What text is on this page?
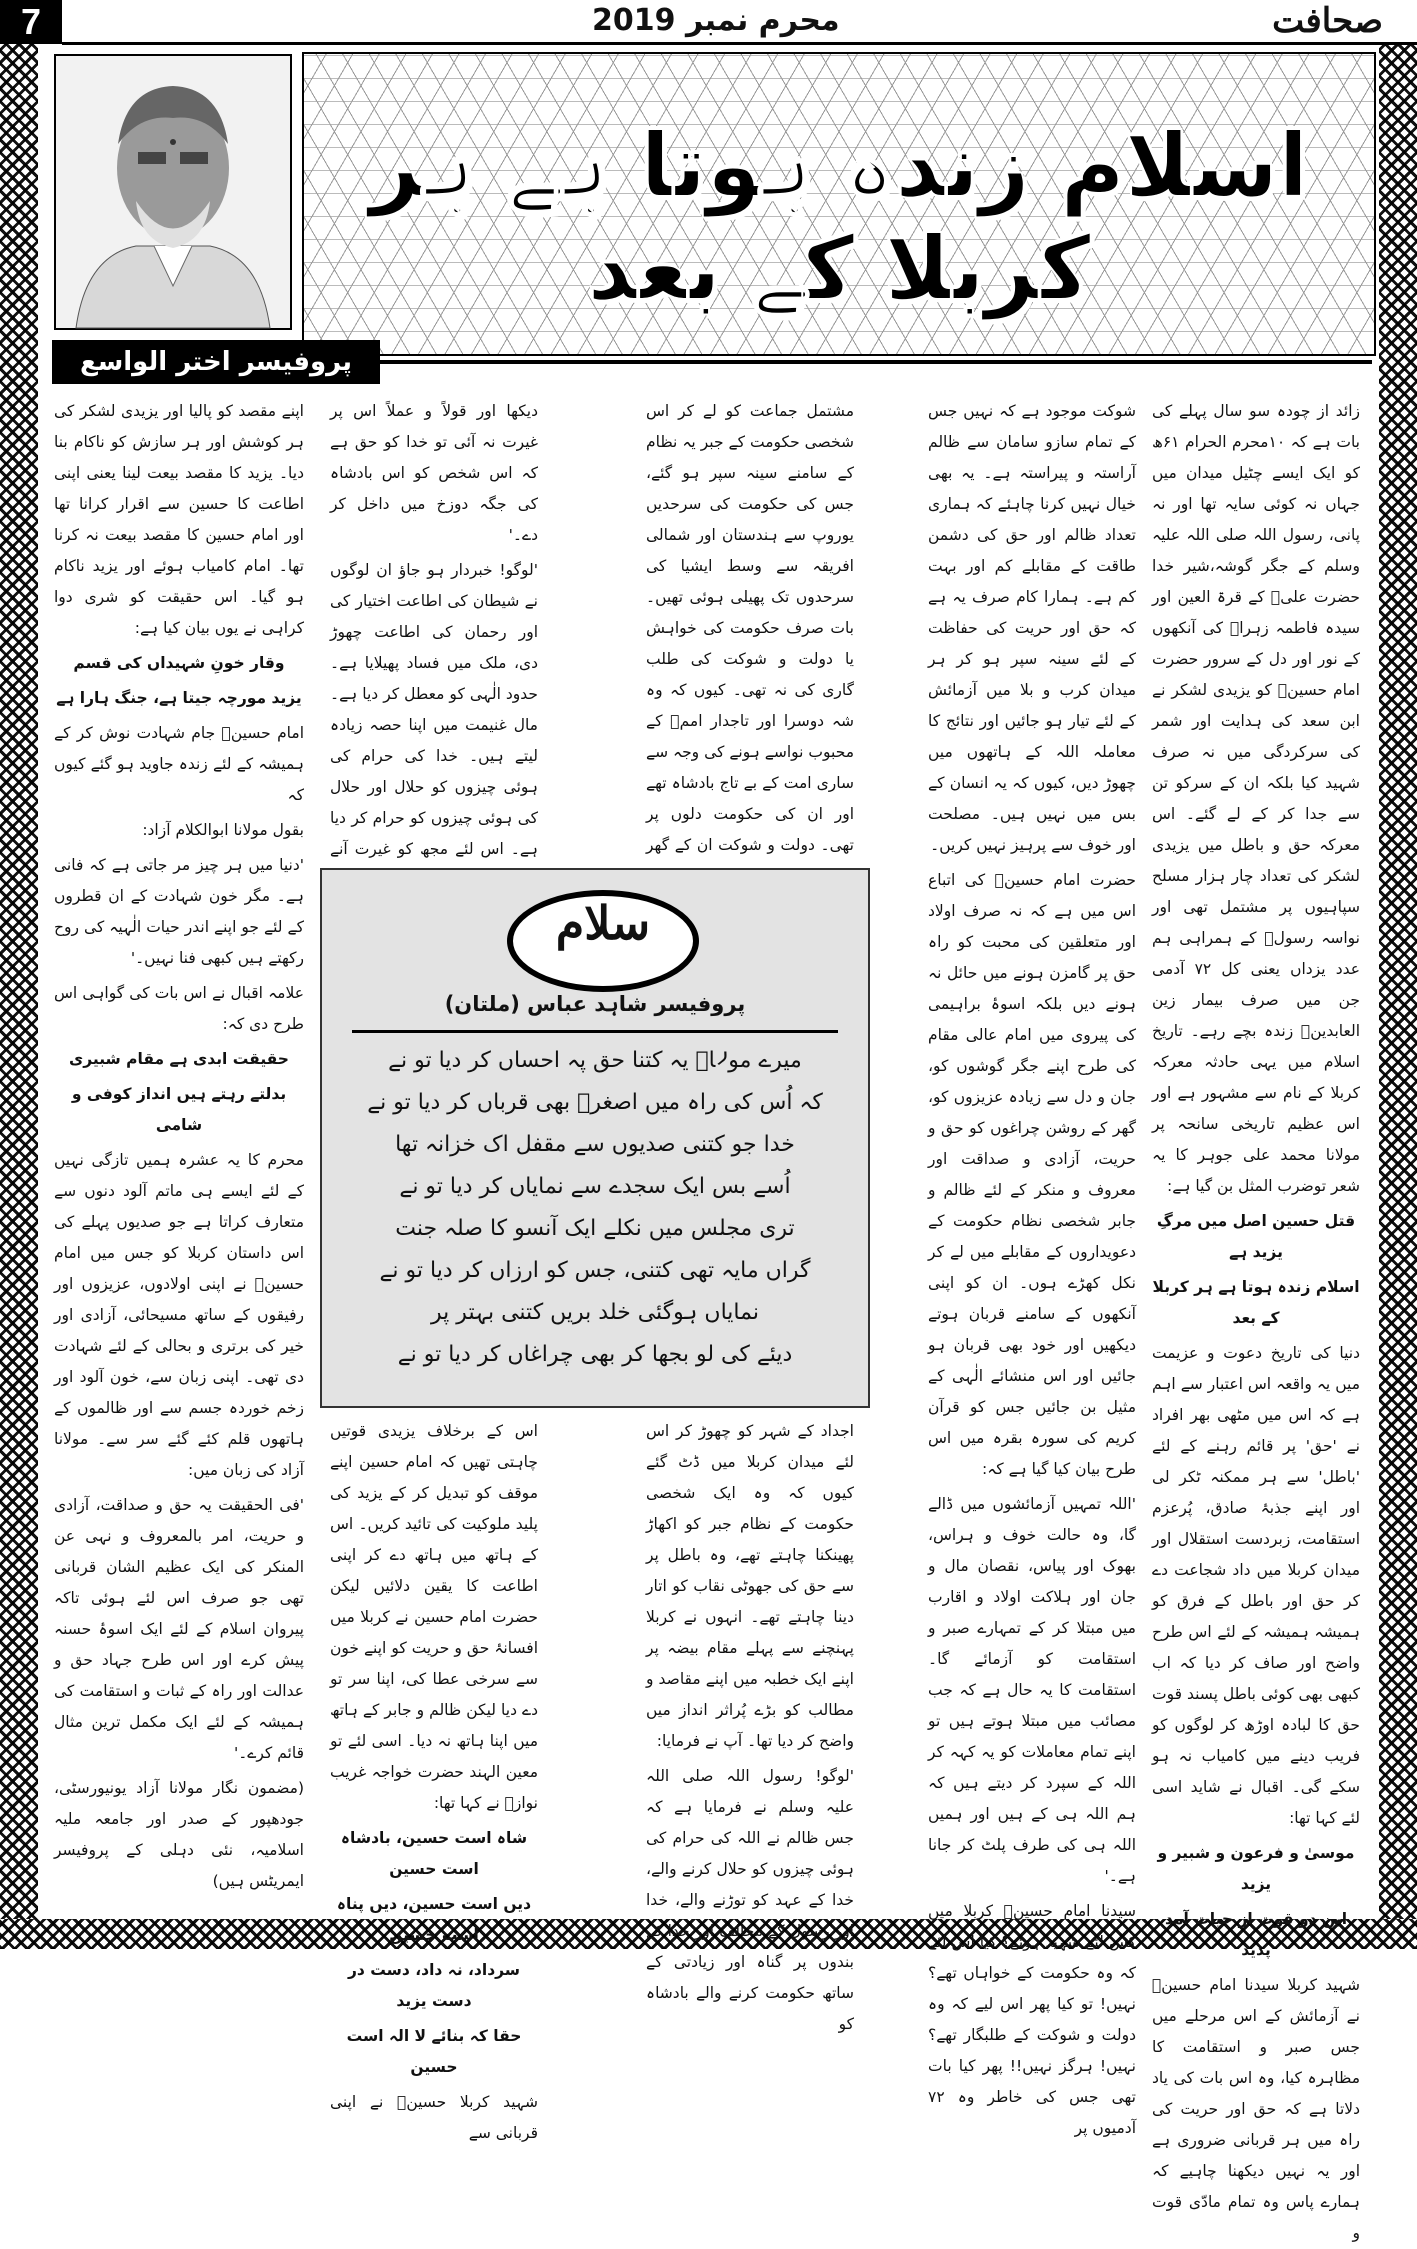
7	محرم نمبر 2019	صحافت
اسلام زندہ ہوتا ہے ہر کربلا کے بعد
پروفیسر اختر الواسع

زائد از چودہ سو سال پہلے کی بات ہے کہ ۱۰محرم الحرام ۶۱ھ کو ایک ایسے چٹیل میدان میں جہاں نہ کوئی سایہ تھا اور نہ پانی، رسول اللہ صلی اللہ علیہ وسلم کے جگر گوشہ،شیر خدا حضرت علیؓ کے قرۃ العین اور سیدہ فاطمہ زہراؓ کی آنکھوں کے نور اور دل کے سرور حضرت امام حسینؓ کو یزیدی لشکر نے ابن سعد کی ہدایت اور شمر کی سرکردگی میں نہ صرف شہید کیا بلکہ ان کے سرکو تن سے جدا کر کے لے گئے۔ اس معرکہ حق و باطل میں یزیدی لشکر کی تعداد چار ہزار مسلح سپاہیوں پر مشتمل تھی اور نواسہ رسولؐ کے ہمراہی ہم عدد یزداں یعنی کل ۷۲ آدمی جن میں صرف بیمار زین العابدینؓ زندہ بچے رہے۔ تاریخ اسلام میں یہی حادثہ معرکہ کربلا کے نام سے مشہور ہے اور اس عظیم تاریخی سانحہ پر مولانا محمد علی جوہر کا یہ شعر توضرب المثل بن گیا ہے:

قتل حسین اصل میں مرگِ یزید ہے

اسلام زندہ ہوتا ہے ہر کربلا کے بعد

دنیا کی تاریخ دعوت و عزیمت میں یہ واقعہ اس اعتبار سے اہم ہے کہ اس میں مٹھی بھر افراد نے 'حق' پر قائم رہنے کے لئے 'باطل' سے ہر ممکنہ ٹکر لی اور اپنے جذبۂ صادق، پُرعزم استقامت، زبردست استقلال اور میدان کربلا میں داد شجاعت دے کر حق اور باطل کے فرق کو ہمیشہ ہمیشہ کے لئے اس طرح واضح اور صاف کر دیا کہ اب کبھی بھی کوئی باطل پسند قوت حق کا لبادہ اوڑھ کر لوگوں کو فریب دینے میں کامیاب نہ ہو سکے گی۔ اقبال نے شاید اسی لئے کہا تھا:

موسیٰ و فرعون و شبیر و یزید

این دو قوت از حیات آمد پدید

شہید کربلا سیدنا امام حسینؓ نے آزمائش کے اس مرحلے میں جس صبر و استقامت کا مظاہرہ کیا، وہ اس بات کی یاد دلاتا ہے کہ حق اور حریت کی راہ میں ہر قربانی ضروری ہے اور یہ نہیں دیکھنا چاہیے کہ ہمارے پاس وہ تمام مادّی قوت و

شوکت موجود ہے کہ نہیں جس کے تمام سازو سامان سے ظالم آراستہ و پیراستہ ہے۔ یہ بھی خیال نہیں کرنا چاہئے کہ ہماری تعداد ظالم اور حق کی دشمن طاقت کے مقابلے کم اور بہت کم ہے۔ ہمارا کام صرف یہ ہے کہ حق اور حریت کی حفاظت کے لئے سینہ سپر ہو کر ہر میدان کرب و بلا میں آزمائش کے لئے تیار ہو جائیں اور نتائج کا معاملہ اللہ کے ہاتھوں میں چھوڑ دیں، کیوں کہ یہ انسان کے بس میں نہیں ہیں۔ مصلحت اور خوف سے پرہیز نہیں کریں۔

حضرت امام حسینؓ کی اتباع اس میں ہے کہ نہ صرف اولاد اور متعلقین کی محبت کو راہ حق پر گامزن ہونے میں حائل نہ ہونے دیں بلکہ اسوۂ براہیمی کی پیروی میں امام عالی مقام کی طرح اپنے جگر گوشوں کو، جان و دل سے زیادہ عزیزوں کو، گھر کے روشن چراغوں کو حق و حریت، آزادی و صداقت اور معروف و منکر کے لئے ظالم و جابر شخصی نظام حکومت کے دعویداروں کے مقابلے میں لے کر نکل کھڑے ہوں۔ ان کو اپنی آنکھوں کے سامنے قربان ہوتے دیکھیں اور خود بھی قربان ہو جائیں اور اس منشائے الٰہی کے مثیل بن جائیں جس کو قرآن کریم کی سورہ بقرہ میں اس طرح بیان کیا گیا ہے کہ:

'اللہ تمہیں آزمائشوں میں ڈالے گا، وہ حالت خوف و ہراس، بھوک اور پیاس، نقصان مال و جان اور ہلاکت اولاد و اقارب میں مبتلا کر کے تمہارے صبر و استقامت کو آزمائے گا۔ استقامت کا یہ حال ہے کہ جب مصائب میں مبتلا ہوتے ہیں تو اپنے تمام معاملات کو یہ کہہ کر اللہ کے سپرد کر دیتے ہیں کہ ہم اللہ ہی کے ہیں اور ہمیں اللہ ہی کی طرف پلٹ کر جانا ہے۔'

سیدنا امام حسینؓ کربلا میں کس لئے شہید ہوئے؟ کیا اس لئے کہ وہ حکومت کے خواہاں تھے؟ نہیں! تو کیا پھر اس لیے کہ وہ دولت و شوکت کے طلبگار تھے؟ نہیں! ہرگز نہیں!! پھر کیا بات تھی جس کی خاطر وہ ۷۲ آدمیوں پر

مشتمل جماعت کو لے کر اس شخصی حکومت کے جبر یہ نظام کے سامنے سینہ سپر ہو گئے، جس کی حکومت کی سرحدیں یوروپ سے ہندستان اور شمالی افریقہ سے وسط ایشیا کی سرحدوں تک پھیلی ہوئی تھیں۔ بات صرف حکومت کی خواہش یا دولت و شوکت کی طلب گاری کی نہ تھی۔ کیوں کہ وہ شہ دوسرا اور تاجدار اممؐ کے محبوب نواسے ہونے کی وجہ سے ساری امت کے بے تاج بادشاہ تھے اور ان کی حکومت دلوں پر تھی۔ دولت و شوکت ان کے گھر

اجداد کے شہر کو چھوڑ کر اس لئے میدان کربلا میں ڈٹ گئے کیوں کہ وہ ایک شخصی حکومت کے نظام جبر کو اکھاڑ پھینکنا چاہتے تھے، وہ باطل پر سے حق کی جھوٹی نقاب کو اتار دینا چاہتے تھے۔ انہوں نے کربلا پہنچنے سے پہلے مقام بیضہ پر اپنے ایک خطبہ میں اپنے مقاصد و مطالب کو بڑے پُراثر انداز میں واضح کر دیا تھا۔ آپ نے فرمایا:

'لوگو! رسول اللہ صلی اللہ علیہ وسلم نے فرمایا ہے کہ جس ظالم نے اللہ کی حرام کی ہوئی چیزوں کو حلال کرنے والے، خدا کے عہد کو توڑنے والے، خدا اور رسول کے مخالف اور خدا کے بندوں پر گناہ اور زیادتی کے ساتھ حکومت کرنے والے بادشاہ کو

دیکھا اور قولاً و عملاً اس پر غیرت نہ آئی تو خدا کو حق ہے کہ اس شخص کو اس بادشاہ کی جگہ دوزخ میں داخل کر دے۔'

'لوگو! خبردار ہو جاؤ ان لوگوں نے شیطان کی اطاعت اختیار کی اور رحمان کی اطاعت چھوڑ دی، ملک میں فساد پھیلایا ہے۔ حدود الٰہی کو معطل کر دیا ہے۔ مال غنیمت میں اپنا حصہ زیادہ لیتے ہیں۔ خدا کی حرام کی ہوئی چیزوں کو حلال اور حلال کی ہوئی چیزوں کو حرام کر دیا ہے۔ اس لئے مجھ کو غیرت آنے

اس کے برخلاف یزیدی قوتیں چاہتی تھیں کہ امام حسین اپنے موقف کو تبدیل کر کے یزید کی پلید ملوکیت کی تائید کریں۔ اس کے ہاتھ میں ہاتھ دے کر اپنی اطاعت کا یقین دلائیں لیکن حضرت امام حسین نے کربلا میں افسانۂ حق و حریت کو اپنے خون سے سرخی عطا کی، اپنا سر تو دے دیا لیکن ظالم و جابر کے ہاتھ میں اپنا ہاتھ نہ دیا۔ اسی لئے تو معین الہند حضرت خواجہ غریب نوازؒ نے کہا تھا:

شاہ است حسین، بادشاہ است حسین

دیں است حسین، دیں پناہ است حسین

سرداد، نہ داد، دست در دست یزید

حقا کہ بنائے لا الہ است حسین

شہید کربلا حسینؓ نے اپنی قربانی سے

اپنے مقصد کو پالیا اور یزیدی لشکر کی ہر کوشش اور ہر سازش کو ناکام بنا دیا۔ یزید کا مقصد بیعت لینا یعنی اپنی اطاعت کا حسین سے اقرار کرانا تھا اور امام حسین کا مقصد بیعت نہ کرنا تھا۔ امام کامیاب ہوئے اور یزید ناکام ہو گیا۔ اس حقیقت کو شری دوا کراہی نے یوں بیان کیا ہے:

وقار خونِ شہیداں کی قسم

یزید مورچہ جیتا ہے، جنگ ہارا ہے

امام حسینؓ جام شہادت نوش کر کے ہمیشہ کے لئے زندہ جاوید ہو گئے کیوں کہ

بقول مولانا ابوالکلام آزاد:

'دنیا میں ہر چیز مر جاتی ہے کہ فانی ہے۔ مگر خون شہادت کے ان قطروں کے لئے جو اپنے اندر حیات الٰہیہ کی روح رکھتے ہیں کبھی فنا نہیں۔'

علامہ اقبال نے اس بات کی گواہی اس طرح دی کہ:

حقیقت ابدی ہے مقام شبیری

بدلتے رہتے ہیں انداز کوفی و شامی

محرم کا یہ عشرہ ہمیں تازگی نہیں کے لئے ایسے ہی ماتم آلود دنوں سے متعارف کراتا ہے جو صدیوں پہلے کی اس داستان کربلا کو جس میں امام حسینؓ نے اپنی اولادوں، عزیزوں اور رفیقوں کے ساتھ مسیحائی، آزادی اور خیر کی برتری و بحالی کے لئے شہادت دی تھی۔ اپنی زبان سے، خون آلود اور زخم خوردہ جسم سے اور ظالموں کے ہاتھوں قلم کئے گئے سر سے۔ مولانا آزاد کی زبان میں:

'فی الحقیقت یہ حق و صداقت، آزادی و حریت، امر بالمعروف و نہی عن المنکر کی ایک عظیم الشان قربانی تھی جو صرف اس لئے ہوئی تاکہ پیروان اسلام کے لئے ایک اسوۂ حسنہ پیش کرے اور اس طرح جہاد حق و عدالت اور راہ کے ثبات و استقامت کی ہمیشہ کے لئے ایک مکمل ترین مثال قائم کرے۔'

(مضمون نگار مولانا آزاد یونیورسٹی، جودھپور کے صدر اور جامعہ ملیہ اسلامیہ، نئی دہلی کے پروفیسر ایمریٹس ہیں)

سلام
پروفیسر شاہد عباس (ملتان)
میرے مولاؑ یہ کتنا حق پہ احساں کر دیا تو نے
کہ اُس کی راہ میں اصغرؑ بھی قرباں کر دیا تو نے
خدا جو کتنی صدیوں سے مقفل اک خزانہ تھا
اُسے بس ایک سجدے سے نمایاں کر دیا تو نے
تری مجلس میں نکلے ایک آنسو کا صلہ جنت
گراں مایہ تھی کتنی، جس کو ارزاں کر دیا تو نے
نمایاں ہوگئی خلد بریں کتنی بہتر پر
دیئے کی لو بجھا کر بھی چراغاں کر دیا تو نے
